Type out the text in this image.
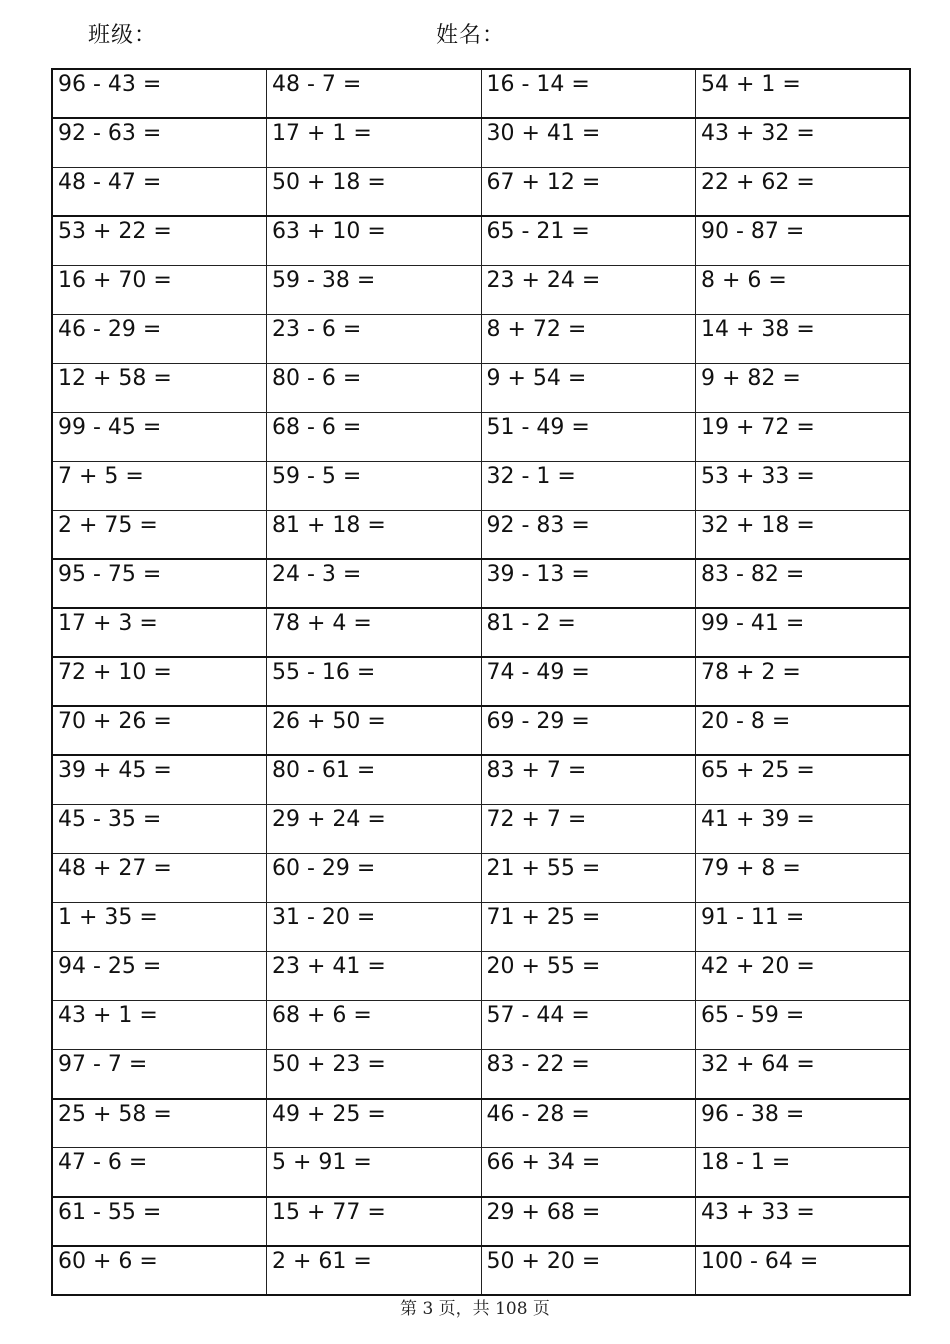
班级：	姓名：
96 - 43 =	48 - 7 =	16 - 14 =	54 + 1 =
92 - 63 =	17 + 1 =	30 + 41 =	43 + 32 =
48 - 47 =	50 + 18 =	67 + 12 =	22 + 62 =
53 + 22 =	63 + 10 =	65 - 21 =	90 - 87 =
16 + 70 =	59 - 38 =	23 + 24 =	8 + 6 =
46 - 29 =	23 - 6 =	8 + 72 =	14 + 38 =
12 + 58 =	80 - 6 =	9 + 54 =	9 + 82 =
99 - 45 =	68 - 6 =	51 - 49 =	19 + 72 =
7 + 5 =	59 - 5 =	32 - 1 =	53 + 33 =
2 + 75 =	81 + 18 =	92 - 83 =	32 + 18 =
95 - 75 =	24 - 3 =	39 - 13 =	83 - 82 =
17 + 3 =	78 + 4 =	81 - 2 =	99 - 41 =
72 + 10 =	55 - 16 =	74 - 49 =	78 + 2 =
70 + 26 =	26 + 50 =	69 - 29 =	20 - 8 =
39 + 45 =	80 - 61 =	83 + 7 =	65 + 25 =
45 - 35 =	29 + 24 =	72 + 7 =	41 + 39 =
48 + 27 =	60 - 29 =	21 + 55 =	79 + 8 =
1 + 35 =	31 - 20 =	71 + 25 =	91 - 11 =
94 - 25 =	23 + 41 =	20 + 55 =	42 + 20 =
43 + 1 =	68 + 6 =	57 - 44 =	65 - 59 =
97 - 7 =	50 + 23 =	83 - 22 =	32 + 64 =
25 + 58 =	49 + 25 =	46 - 28 =	96 - 38 =
47 - 6 =	5 + 91 =	66 + 34 =	18 - 1 =
61 - 55 =	15 + 77 =	29 + 68 =	43 + 33 =
60 + 6 =	2 + 61 =	50 + 20 =	100 - 64 =
第 3 页，共 108 页
